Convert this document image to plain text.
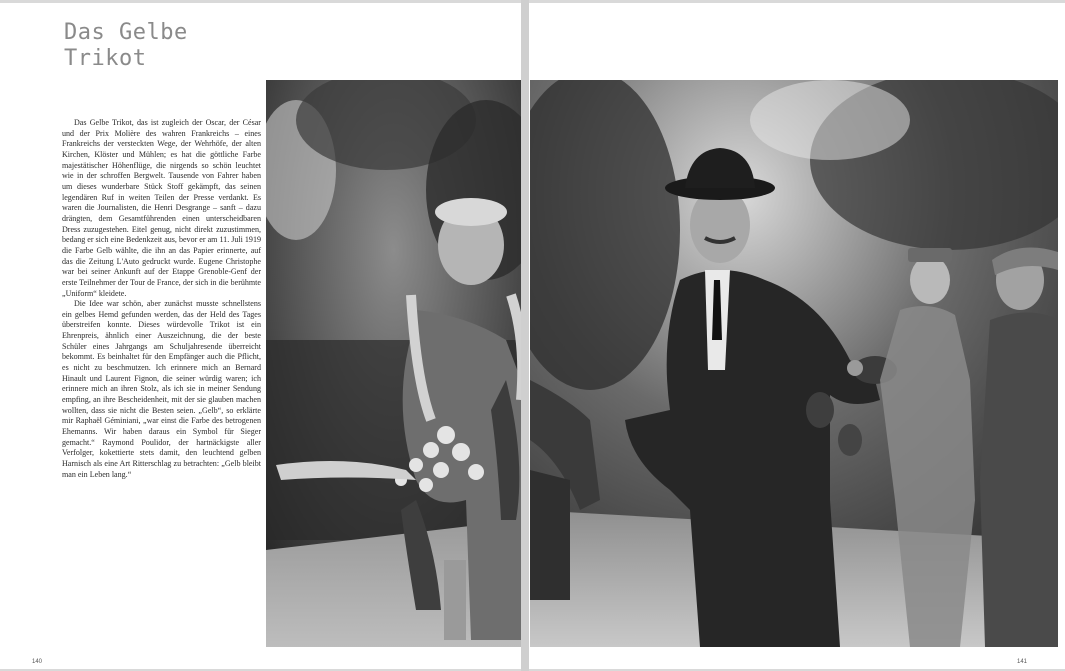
Das Gelbe
Trikot

Das Gelbe Trikot, das ist zugleich der Oscar, der César und der Prix Molière des wahren Frankreichs – eines Frankreichs der versteckten Wege, der Wehrhöfe, der alten Kirchen, Klöster und Mühlen; es hat die göttliche Farbe majestätischer Höhenflüge, die nirgends so schön leuchtet wie in der schroffen Bergwelt. Tausende von Fahrer haben um dieses wunderbare Stück Stoff gekämpft, das seinen legendären Ruf in weiten Teilen der Presse verdankt. Es waren die Journalisten, die Henri Desgrange – sanft – dazu drängten, dem Gesamtführenden einen unterscheidbaren Dress zuzugestehen. Eitel genug, nicht direkt zuzustimmen, bedang er sich eine Bedenkzeit aus, bevor er am 11. Juli 1919 die Farbe Gelb wählte, die ihn an das Papier erinnerte, auf das die Zeitung L'Auto gedruckt wurde. Eugene Christophe war bei seiner Ankunft auf der Etappe Grenoble-Genf der erste Teilnehmer der Tour de France, der sich in die berühmte „Uniform“ kleidete.

Die Idee war schön, aber zunächst musste schnellstens ein gelbes Hemd gefunden werden, das der Held des Tages überstreifen konnte. Dieses würdevolle Trikot ist ein Ehrenpreis, ähnlich einer Auszeichnung, die der beste Schüler eines Jahrgangs am Schuljahresende überreicht bekommt. Es beinhaltet für den Empfänger auch die Pflicht, es nicht zu beschmutzen. Ich erinnere mich an Bernard Hinault und Laurent Fignon, die seiner würdig waren; ich erinnere mich an ihren Stolz, als ich sie in meiner Sendung empfing, an ihre Bescheidenheit, mit der sie glauben machen wollten, dass sie nicht die Besten seien. „Gelb“, so erklärte mir Raphaël Géminiani, „war einst die Farbe des betrogenen Ehemanns. Wir haben daraus ein Symbol für Sieger gemacht.“ Raymond Poulidor, der hartnäckigste aller Verfolger, kokettierte stets damit, den leuchtend gelben Harnisch als eine Art Ritterschlag zu betrachten: „Gelb bleibt man ein Leben lang.“

140	141
